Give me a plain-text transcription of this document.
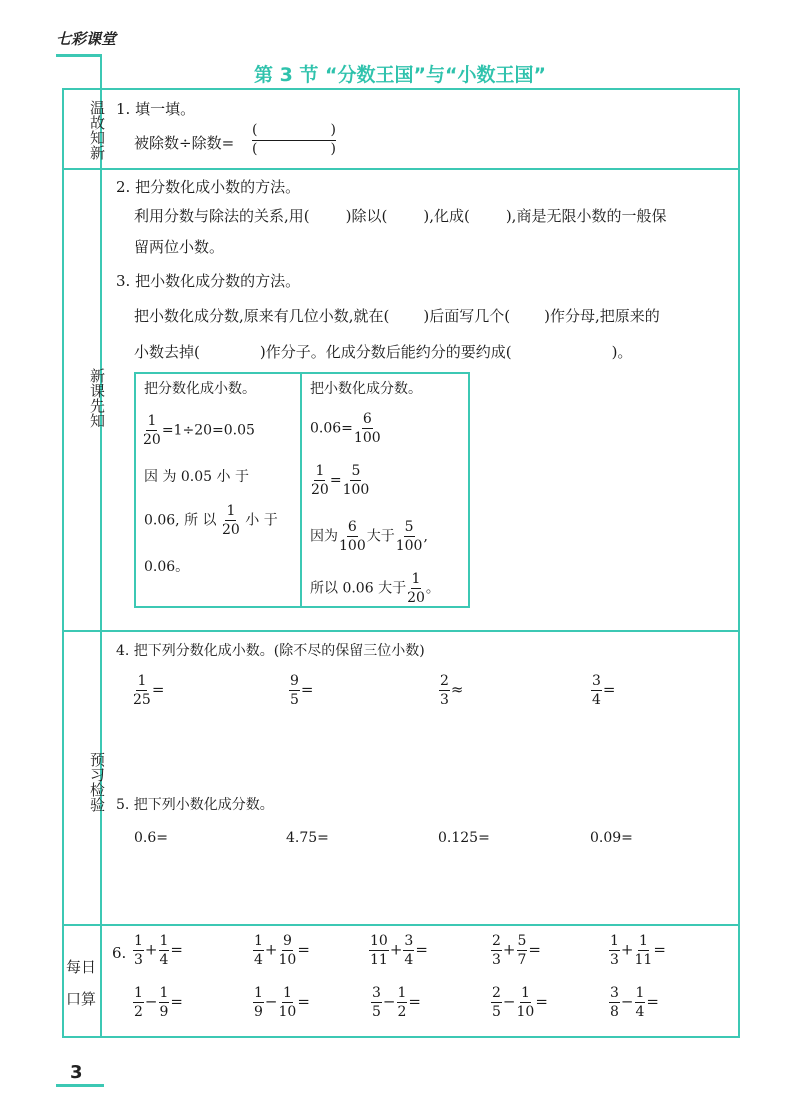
七彩课堂
第 3 节 “分数王国”与“小数王国”
温故知新
新课先知
预习检验
每日
口算
1. 填一填。
被除数÷除数=
(	)
(	)
2. 把分数化成小数的方法。
利用分数与除法的关系,用( )除以( ),化成( ),商是无限小数的一般保
留两位小数。
3. 把小数化成分数的方法。
把小数化成分数,原来有几位小数,就在( )后面写几个( )作分母,把原来的
小数去掉(	)作分子。化成分数后能约分的要约成(	)。
把分数化成小数。
$\frac{1}{20} =1\div 20=0.05$
因 为 0.05 小 于
0.06, 所 以 $\frac{1}{20}$ 小 于
0.06。
把小数化成分数。
$0.06= \frac{6}{100}$
$\frac{1}{20} = \frac{5}{100}$
因为 $\frac{6}{100}$ 大于 $\frac{5}{100}$ ,
所以 0.06 大于 $\frac{1}{20}$ 。
4. 把下列分数化成小数。(除不尽的保留三位小数)
$\frac{1}{25}$ =	$\frac{9}{5}$ =	$\frac{2}{3}$ ≈	$\frac{3}{4}$ =
5. 把下列小数化成分数。
0.6=	4.75=	0.125=	0.09=
6. $\frac{1}{3} + \frac{1}{4}$ =	$\frac{1}{4} + \frac{9}{10}$ =	$\frac{10}{11} + \frac{3}{4}$ =	$\frac{2}{3} + \frac{5}{7}$ =	$\frac{1}{3} + \frac{1}{11}$ =
$\frac{1}{2} - \frac{1}{9}$ =	$\frac{1}{9} - \frac{1}{10}$ =	$\frac{3}{5} - \frac{1}{2}$ =	$\frac{2}{5} - \frac{1}{10}$ =	$\frac{3}{8} - \frac{1}{4}$ =
3
